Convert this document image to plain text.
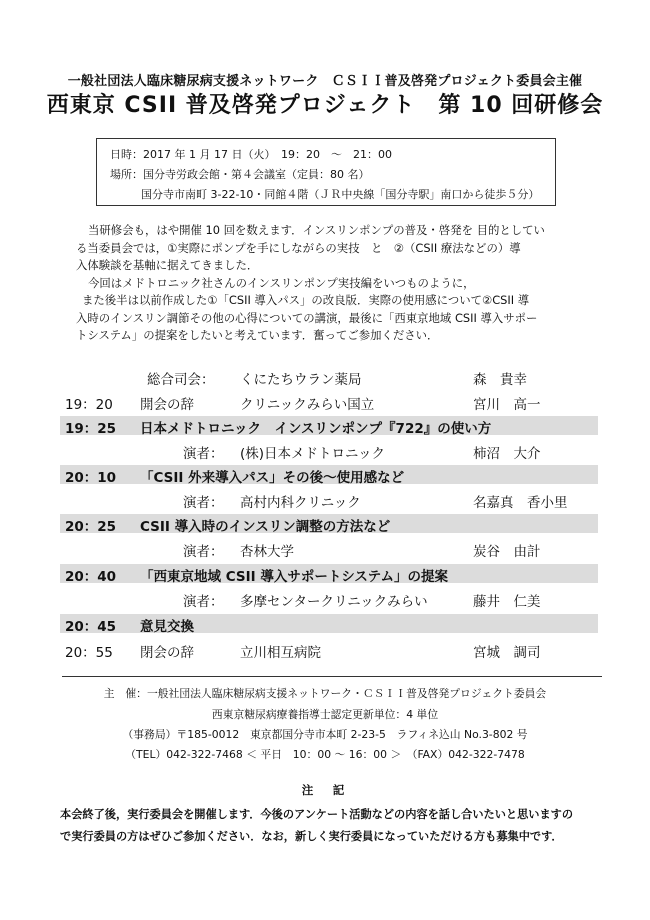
一般社団法人臨床糖尿病支援ネットワーク　ＣＳＩＩ普及啓発プロジェクト委員会主催
西東京 CSII 普及啓発プロジェクト　第 10 回研修会
日時：2017 年 1 月 17 日（火）　19：20　～　21：00
場所：国分寺労政会館・第４会議室（定員：80 名）
国分寺市南町 3-22-10・同館４階（ＪＲ中央線「国分寺駅」南口から徒歩５分）
当研修会も，はや開催 10 回を数えます．インスリンポンプの普及・啓発を 目的としてい
る当委員会では，①実際にポンプを手にしながらの実技　と　②（CSII 療法などの）導
入体験談を基軸に据えてきました．
今回はメドトロニック社さんのインスリンポンプ実技編をいつものように，
また後半は以前作成した①「CSII 導入パス」の改良版．実際の使用感について②CSII 導
入時のインスリン調節その他の心得についての講演，最後に「西東京地域 CSII 導入サポー
トシステム」の提案をしたいと考えています．奮ってご参加ください．
総合司会： くにたちウラン薬局	森　貴幸
19：20 開会の辞	クリニックみらい国立	宮川　高一
19：25 日本メドトロニック　インスリンポンプ『722』の使い方
演者： (株)日本メドトロニック	柿沼　大介
20：10 「CSII 外来導入パス」その後～使用感など
演者： 高村内科クリニック	名嘉真　香小里
20：25 CSII 導入時のインスリン調整の方法など
演者： 杏林大学	炭谷　由計
20：40 「西東京地域 CSII 導入サポートシステム」の提案
演者： 多摩センタークリニックみらい	藤井　仁美
20：45 意見交換
20：55 閉会の辞	立川相互病院	宮城　調司
主　催：一般社団法人臨床糖尿病支援ネットワーク・ＣＳＩＩ普及啓発プロジェクト委員会
西東京糖尿病療養指導士認定更新単位：4 単位
（事務局）〒185-0012　東京都国分寺市本町 2-23-5　ラフィネ込山 No.3-802 号
（TEL）042-322-7468 ＜ 平日　10：00 ～ 16：00 ＞　（FAX）042-322-7478
注　記
本会終了後，実行委員会を開催します．今後のアンケート活動などの内容を話し合いたいと思いますの
で実行委員の方はぜひご参加ください．なお，新しく実行委員になっていただける方も募集中です．
